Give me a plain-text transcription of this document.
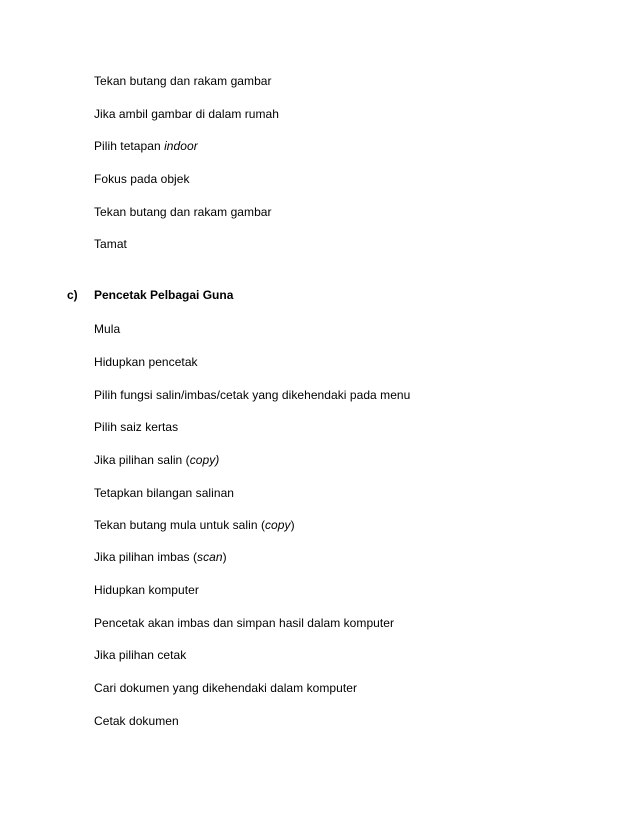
Tekan butang dan rakam gambar
Jika ambil gambar di dalam rumah
Pilih tetapan indoor
Fokus pada objek
Tekan butang dan rakam gambar
Tamat
c) Pencetak Pelbagai Guna
Mula
Hidupkan pencetak
Pilih fungsi salin/imbas/cetak yang dikehendaki pada menu
Pilih saiz kertas
Jika pilihan salin (copy)
Tetapkan bilangan salinan
Tekan butang mula untuk salin (copy)
Jika pilihan imbas (scan)
Hidupkan komputer
Pencetak akan imbas dan simpan hasil dalam komputer
Jika pilihan cetak
Cari dokumen yang dikehendaki dalam komputer
Cetak dokumen
